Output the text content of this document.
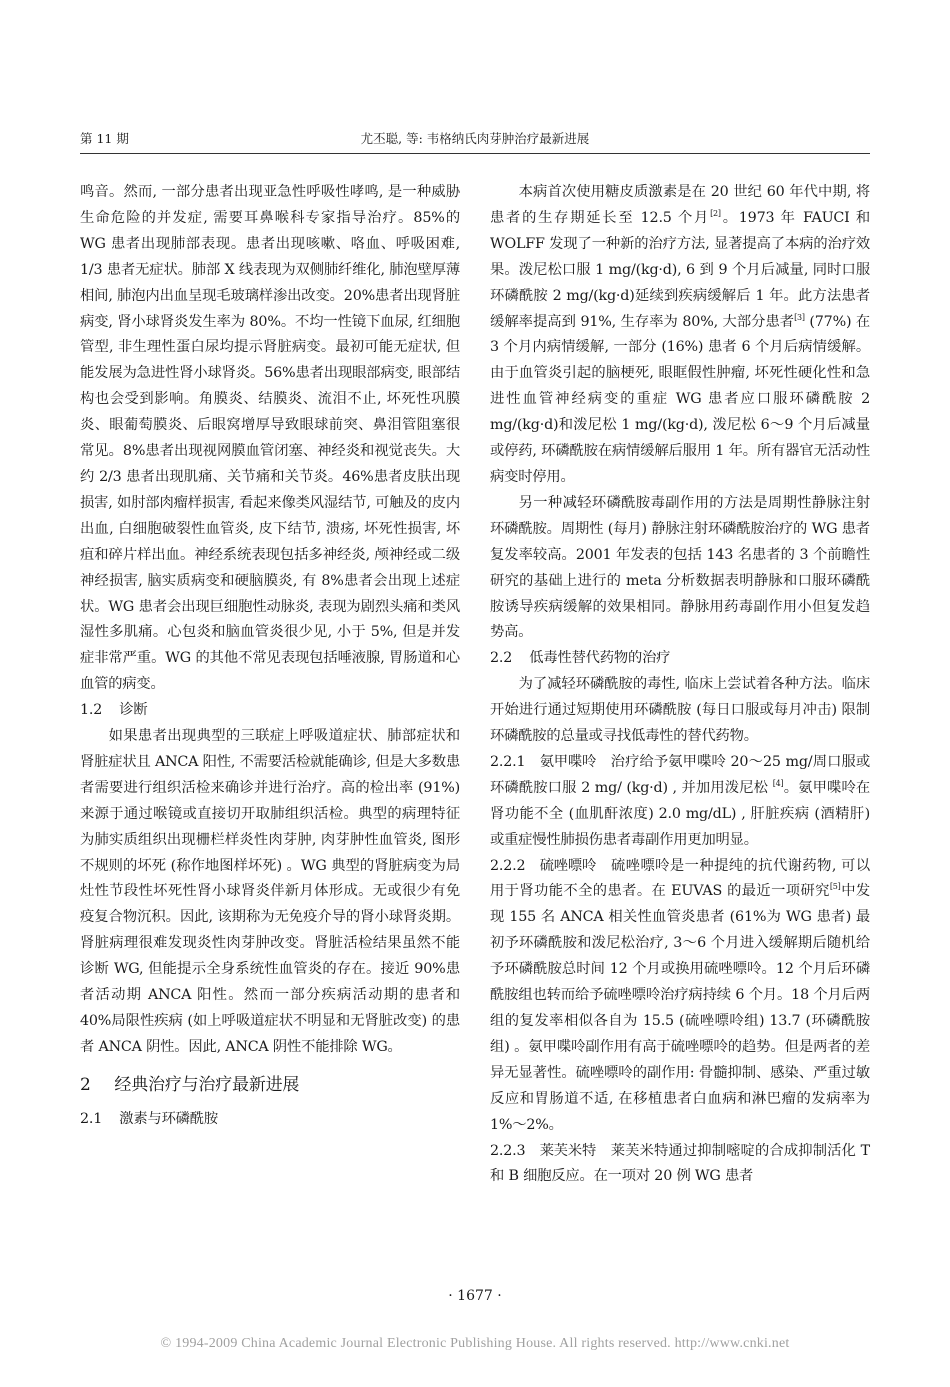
第 11 期	尤丕聪, 等: 韦格纳氏肉芽肿治疗最新进展

鸣音。然而, 一部分患者出现亚急性呼吸性哮鸣, 是一种威胁生命危险的并发症, 需要耳鼻喉科专家指导治疗。85%的 WG 患者出现肺部表现。患者出现咳嗽、咯血、呼吸困难, 1/3 患者无症状。肺部 X 线表现为双侧肺纤维化, 肺泡壁厚薄相间, 肺泡内出血呈现毛玻璃样渗出改变。20%患者出现肾脏病变, 肾小球肾炎发生率为 80%。不均一性镜下血尿, 红细胞管型, 非生理性蛋白尿均提示肾脏病变。最初可能无症状, 但能发展为急进性肾小球肾炎。56%患者出现眼部病变, 眼部结构也会受到影响。角膜炎、结膜炎、流泪不止, 坏死性巩膜炎、眼葡萄膜炎、后眼窝增厚导致眼球前突、鼻泪管阻塞很常见。8%患者出现视网膜血管闭塞、神经炎和视觉丧失。大约 2/3 患者出现肌痛、关节痛和关节炎。46%患者皮肤出现损害, 如肘部肉瘤样损害, 看起来像类风湿结节, 可触及的皮内出血, 白细胞破裂性血管炎, 皮下结节, 溃疡, 坏死性损害, 坏疽和碎片样出血。神经系统表现包括多神经炎, 颅神经或二级神经损害, 脑实质病变和硬脑膜炎, 有 8%患者会出现上述症状。WG 患者会出现巨细胞性动脉炎, 表现为剧烈头痛和类风湿性多肌痛。心包炎和脑血管炎很少见, 小于 5%, 但是并发症非常严重。WG 的其他不常见表现包括唾液腺, 胃肠道和心血管的病变。

1.2 诊断

如果患者出现典型的三联症上呼吸道症状、肺部症状和肾脏症状且 ANCA 阳性, 不需要活检就能确诊, 但是大多数患者需要进行组织活检来确诊并进行治疗。高的检出率 (91%) 来源于通过喉镜或直接切开取肺组织活检。典型的病理特征为肺实质组织出现栅栏样炎性肉芽肿, 肉芽肿性血管炎, 图形不规则的坏死 (称作地图样坏死) 。WG 典型的肾脏病变为局灶性节段性坏死性肾小球肾炎伴新月体形成。无或很少有免疫复合物沉积。因此, 该期称为无免疫介导的肾小球肾炎期。肾脏病理很难发现炎性肉芽肿改变。肾脏活检结果虽然不能诊断 WG, 但能提示全身系统性血管炎的存在。接近 90%患者活动期 ANCA 阳性。然而一部分疾病活动期的患者和 40%局限性疾病 (如上呼吸道症状不明显和无肾脏改变) 的患者 ANCA 阴性。因此, ANCA 阴性不能排除 WG。

2 经典治疗与治疗最新进展

2.1 激素与环磷酰胺

本病首次使用糖皮质激素是在 20 世纪 60 年代中期, 将患者的生存期延长至 12.5 个月[2]。1973 年 FAUCI 和 WOLFF 发现了一种新的治疗方法, 显著提高了本病的治疗效果。泼尼松口服 1 mg/(kg·d), 6 到 9 个月后减量, 同时口服环磷酰胺 2 mg/(kg·d)延续到疾病缓解后 1 年。此方法患者缓解率提高到 91%, 生存率为 80%, 大部分患者[3] (77%) 在 3 个月内病情缓解, 一部分 (16%) 患者 6 个月后病情缓解。由于血管炎引起的脑梗死, 眼眶假性肿瘤, 坏死性硬化性和急进性血管神经病变的重症 WG 患者应口服环磷酰胺 2 mg/(kg·d)和泼尼松 1 mg/(kg·d), 泼尼松 6～9 个月后减量或停药, 环磷酰胺在病情缓解后服用 1 年。所有器官无活动性病变时停用。

另一种减轻环磷酰胺毒副作用的方法是周期性静脉注射环磷酰胺。周期性 (每月) 静脉注射环磷酰胺治疗的 WG 患者复发率较高。2001 年发表的包括 143 名患者的 3 个前瞻性研究的基础上进行的 meta 分析数据表明静脉和口服环磷酰胺诱导疾病缓解的效果相同。静脉用药毒副作用小但复发趋势高。

2.2 低毒性替代药物的治疗

为了减轻环磷酰胺的毒性, 临床上尝试着各种方法。临床开始进行通过短期使用环磷酰胺 (每日口服或每月冲击) 限制环磷酰胺的总量或寻找低毒性的替代药物。

2.2.1 氨甲喋呤 治疗给予氨甲喋呤 20～25 mg/周口服或环磷酰胺口服 2 mg/ (kg·d) , 并加用泼尼松 [4]。氨甲喋呤在肾功能不全 (血肌酐浓度) 2.0 mg/dL) , 肝脏疾病 (酒精肝) 或重症慢性肺损伤患者毒副作用更加明显。

2.2.2 硫唑嘌呤 硫唑嘌呤是一种提纯的抗代谢药物, 可以用于肾功能不全的患者。在 EUVAS 的最近一项研究[5]中发现 155 名 ANCA 相关性血管炎患者 (61%为 WG 患者) 最初予环磷酰胺和泼尼松治疗, 3～6 个月进入缓解期后随机给予环磷酰胺总时间 12 个月或换用硫唑嘌呤。12 个月后环磷酰胺组也转而给予硫唑嘌呤治疗病持续 6 个月。18 个月后两组的复发率相似各自为 15.5 (硫唑嘌呤组) 13.7 (环磷酰胺组) 。氨甲喋呤副作用有高于硫唑嘌呤的趋势。但是两者的差异无显著性。硫唑嘌呤的副作用: 骨髓抑制、感染、严重过敏反应和胃肠道不适, 在移植患者白血病和淋巴瘤的发病率为 1%～2%。

2.2.3 莱芙米特 莱芙米特通过抑制嘧啶的合成抑制活化 T 和 B 细胞反应。在一项对 20 例 WG 患者

· 1677 ·
© 1994-2009 China Academic Journal Electronic Publishing House. All rights reserved. http://www.cnki.net
